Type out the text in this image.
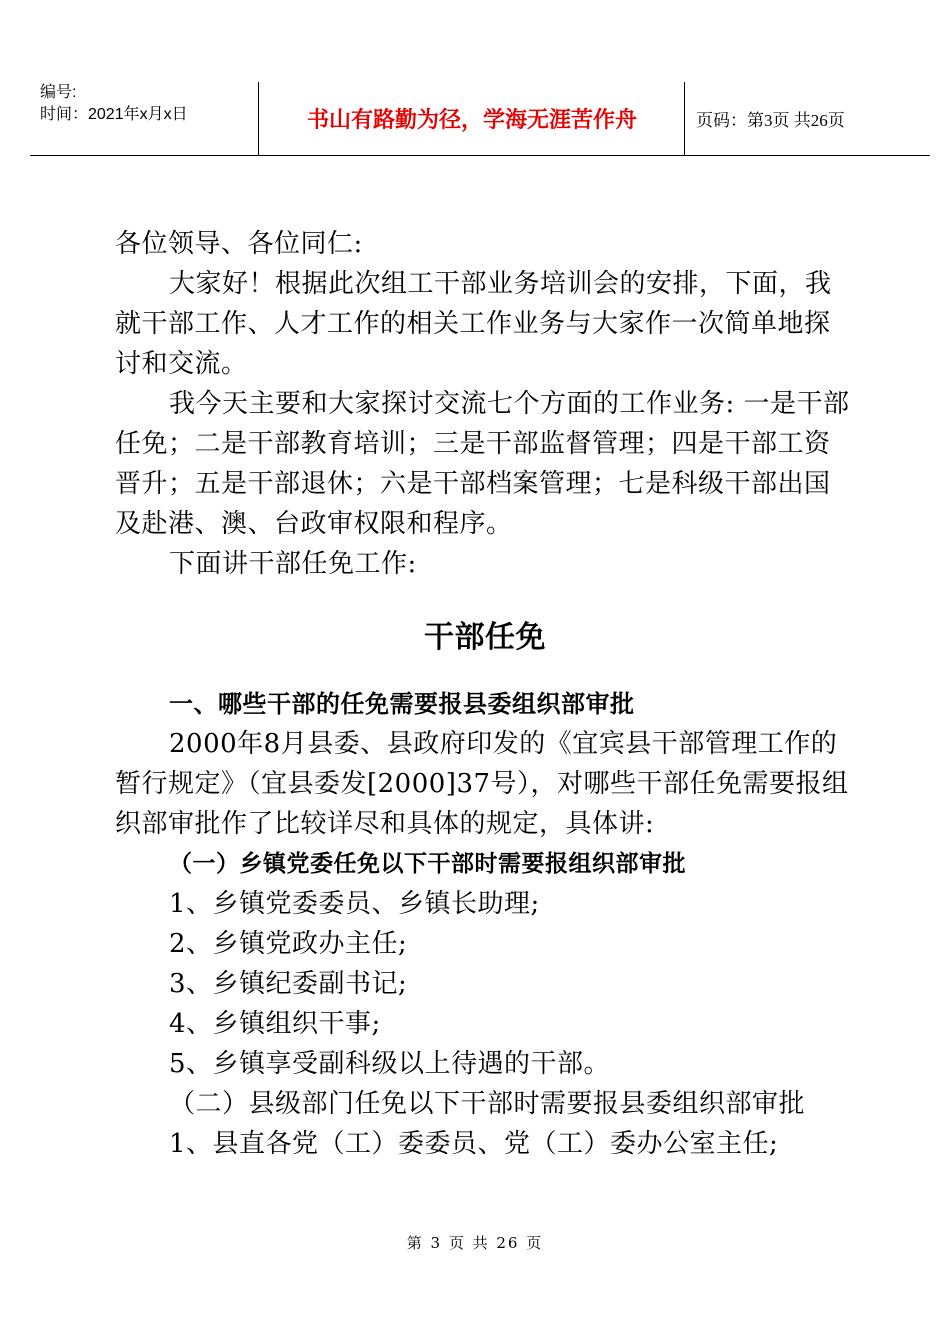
编号:
时间：2021年x月x日	书山有路勤为径，学海无涯苦作舟	页码：第3页 共26页

各位领导、各位同仁:

大家好！根据此次组工干部业务培训会的安排，下面，我就干部工作、人才工作的相关工作业务与大家作一次简单地探讨和交流。

我今天主要和大家探讨交流七个方面的工作业务: 一是干部任免；二是干部教育培训；三是干部监督管理；四是干部工资晋升；五是干部退休；六是干部档案管理；七是科级干部出国及赴港、澳、台政审权限和程序。

下面讲干部任免工作:

干部任免

一、哪些干部的任免需要报县委组织部审批

2000年8月县委、县政府印发的《宜宾县干部管理工作的暂行规定》（宜县委发[2000]37号），对哪些干部任免需要报组织部审批作了比较详尽和具体的规定，具体讲:

（一）乡镇党委任免以下干部时需要报组织部审批

1、乡镇党委委员、乡镇长助理;

2、乡镇党政办主任;

3、乡镇纪委副书记;

4、乡镇组织干事;

5、乡镇享受副科级以上待遇的干部。

（二）县级部门任免以下干部时需要报县委组织部审批

1、县直各党（工）委委员、党（工）委办公室主任;

第 3 页 共 26 页
